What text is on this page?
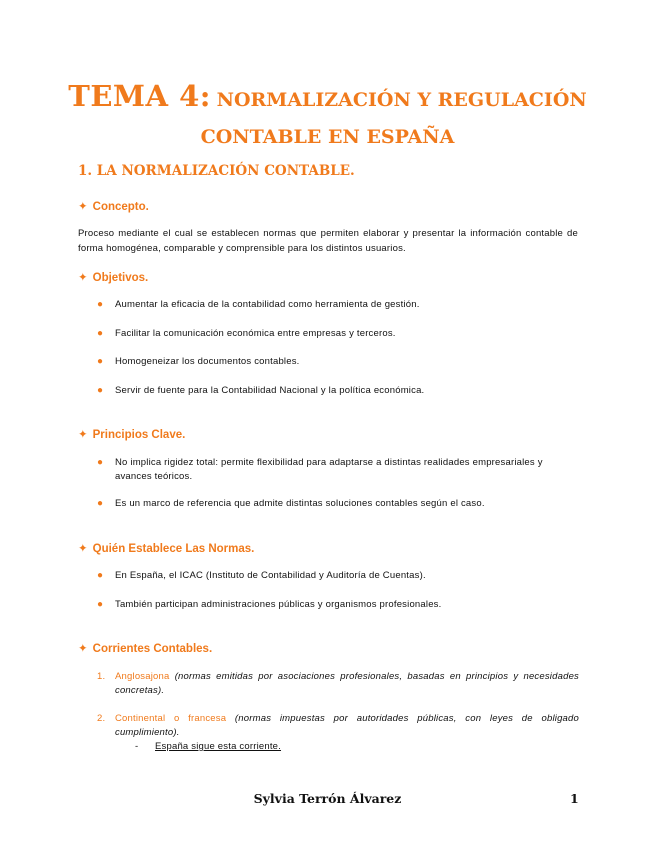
TEMA 4: NORMALIZACIÓN Y REGULACIÓN
CONTABLE EN ESPAÑA
1. LA NORMALIZACIÓN CONTABLE.
✦ Concepto.
Proceso mediante el cual se establecen normas que permiten elaborar y presentar la información contable de forma homogénea, comparable y comprensible para los distintos usuarios.
✦ Objetivos.
● Aumentar la eficacia de la contabilidad como herramienta de gestión.
● Facilitar la comunicación económica entre empresas y terceros.
● Homogeneizar los documentos contables.
● Servir de fuente para la Contabilidad Nacional y la política económica.
✦ Principios Clave.
● No implica rigidez total: permite flexibilidad para adaptarse a distintas realidades empresariales y avances teóricos.
● Es un marco de referencia que admite distintas soluciones contables según el caso.
✦ Quién Establece Las Normas.
● En España, el ICAC (Instituto de Contabilidad y Auditoría de Cuentas).
● También participan administraciones públicas y organismos profesionales.
✦ Corrientes Contables.
1. Anglosajona (normas emitidas por asociaciones profesionales, basadas en principios y necesidades concretas).
2. Continental o francesa (normas impuestas por autoridades públicas, con leyes de obligado cumplimiento).
- España sigue esta corriente.
Sylvia Terrón Álvarez	1
